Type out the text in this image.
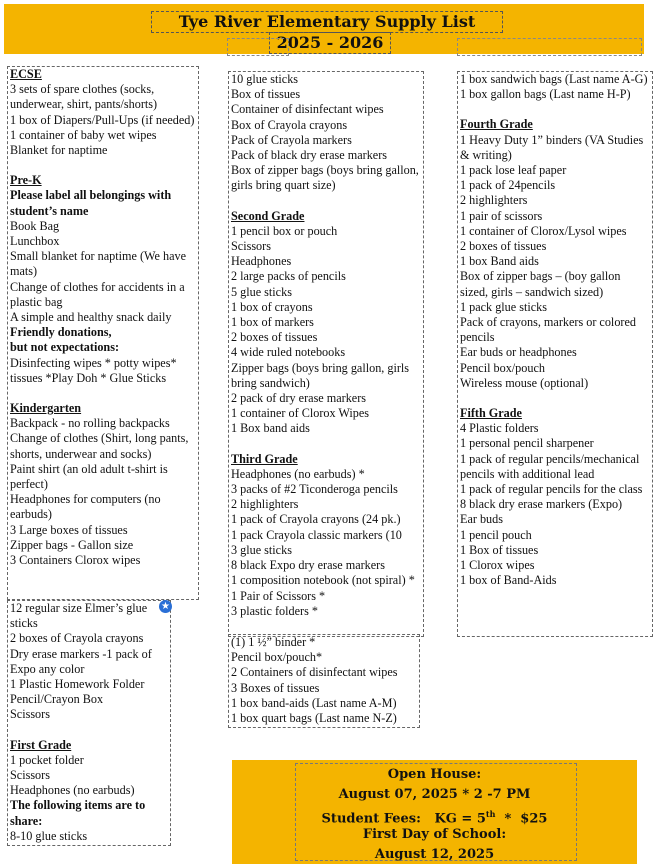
Tye River Elementary Supply List
2025 - 2026
ECSE
3 sets of spare clothes (socks, underwear, shirt, pants/shorts)
1 box of Diapers/Pull-Ups (if needed)
1 container of baby wet wipes
Blanket for naptime
Pre-K
Please label all belongings with student’s name
Book Bag
Lunchbox
Small blanket for naptime (We have mats)
Change of clothes for accidents in a plastic bag
A simple and healthy snack daily
Friendly donations,
but not expectations:
Disinfecting wipes * potty wipes* tissues *Play Doh * Glue Sticks
Kindergarten
Backpack - no rolling backpacks
Change of clothes (Shirt, long pants, shorts, underwear and socks)
Paint shirt (an old adult t-shirt is perfect)
Headphones for computers (no earbuds)
3 Large boxes of tissues
Zipper bags - Gallon size
3 Containers Clorox wipes
12 regular size Elmer’s glue sticks
2 boxes of Crayola crayons
Dry erase markers -1 pack of Expo any color
1 Plastic Homework Folder
Pencil/Crayon Box
Scissors
First Grade
1 pocket folder
Scissors
Headphones (no earbuds)
The following items are to share:
8-10 glue sticks
★
10 glue sticks
Box of tissues
Container of disinfectant wipes
Box of Crayola crayons
Pack of Crayola markers
Pack of black dry erase markers
Box of zipper bags (boys bring gallon, girls bring quart size)
Second Grade
1 pencil box or pouch
Scissors
Headphones
2 large packs of pencils
5 glue sticks
1 box of crayons
1 box of markers
2 boxes of tissues
4 wide ruled notebooks
Zipper bags (boys bring gallon, girls bring sandwich)
2 pack of dry erase markers
1 container of Clorox Wipes
1 Box band aids
Third Grade
Headphones (no earbuds) *
3 packs of #2 Ticonderoga pencils
2 highlighters
1 pack of Crayola crayons (24 pk.)
1 pack Crayola classic markers (10
3 glue sticks
8 black Expo dry erase markers
1 composition notebook (not spiral) *
1 Pair of Scissors *
3 plastic folders *
(1) 1 ½” binder *
Pencil box/pouch*
2 Containers of disinfectant wipes
3 Boxes of tissues
1 box band-aids (Last name A-M)
1 box quart bags (Last name N-Z)
1 box sandwich bags (Last name A-G)
1 box gallon bags (Last name H-P)
Fourth Grade
1 Heavy Duty 1” binders (VA Studies & writing)
1 pack lose leaf paper
1 pack of 24pencils
2 highlighters
1 pair of scissors
1 container of Clorox/Lysol wipes
2 boxes of tissues
1 box Band aids
Box of zipper bags – (boy gallon sized, girls – sandwich sized)
1 pack glue sticks
Pack of crayons, markers or colored pencils
Ear buds or headphones
Pencil box/pouch
Wireless mouse (optional)
Fifth Grade
4 Plastic folders
1 personal pencil sharpener
1 pack of regular pencils/mechanical pencils with additional lead
1 pack of regular pencils for the class
8 black dry erase markers (Expo)
Ear buds
1 pencil pouch
1 Box of tissues
1 Clorox wipes
1 box of Band-Aids
Open House:
August 07, 2025 * 2 -7 PM
Student Fees:   KG = 5th  *  $25
First Day of School:
August 12, 2025
